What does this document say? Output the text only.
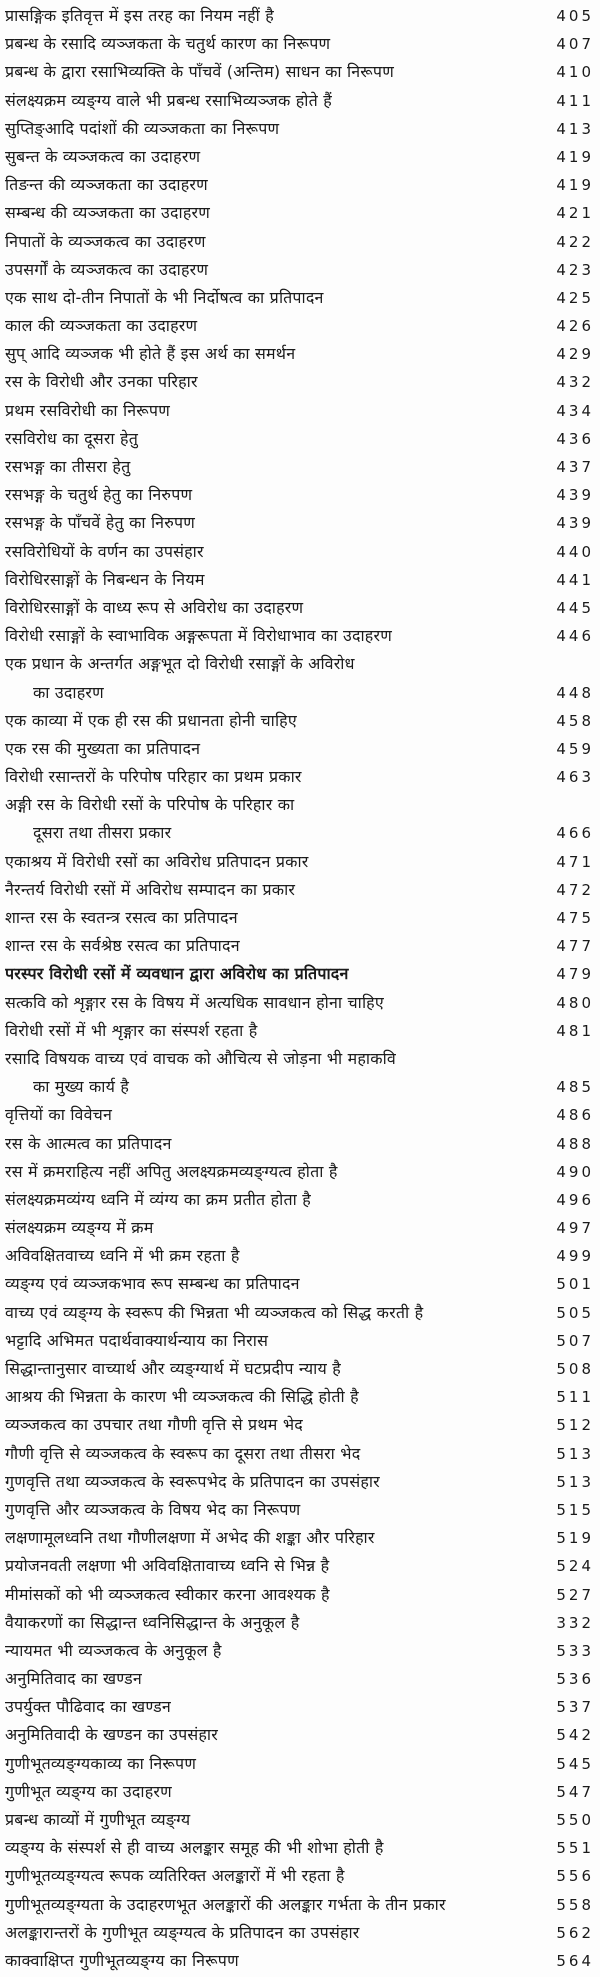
प्रासङ्गिक इतिवृत्त में इस तरह का नियम नहीं है	405
प्रबन्ध के रसादि व्यञ्जकता के चतुर्थ कारण का निरूपण	407
प्रबन्ध के द्वारा रसाभिव्यक्ति के पाँचवें (अन्तिम) साधन का निरूपण	410
संलक्ष्यक्रम व्यङ्ग्य वाले भी प्रबन्ध रसाभिव्यञ्जक होते हैं	411
सुप्तिङ्आदि पदांशों की व्यञ्जकता का निरूपण	413
सुबन्त के व्यञ्जकत्व का उदाहरण	419
तिङन्त की व्यञ्जकता का उदाहरण	419
सम्बन्ध की व्यञ्जकता का उदाहरण	421
निपातों के व्यञ्जकत्व का उदाहरण	422
उपसर्गों के व्यञ्जकत्व का उदाहरण	423
एक साथ दो-तीन निपातों के भी निर्दोषत्व का प्रतिपादन	425
काल की व्यञ्जकता का उदाहरण	426
सुप् आदि व्यञ्जक भी होते हैं इस अर्थ का समर्थन	429
रस के विरोधी और उनका परिहार	432
प्रथम रसविरोधी का निरूपण	434
रसविरोध का दूसरा हेतु	436
रसभङ्ग का तीसरा हेतु	437
रसभङ्ग के चतुर्थ हेतु का निरुपण	439
रसभङ्ग के पाँचवें हेतु का निरुपण	439
रसविरोधियों के वर्णन का उपसंहार	440
विरोधिरसाङ्गों के निबन्धन के नियम	441
विरोधिरसाङ्गों के वाध्य रूप से अविरोध का उदाहरण	445
विरोधी रसाङ्गों के स्वाभाविक अङ्गरूपता में विरोधाभाव का उदाहरण	446
एक प्रधान के अन्तर्गत अङ्गभूत दो विरोधी रसाङ्गों के अविरोध
का उदाहरण	448
एक काव्या में एक ही रस की प्रधानता होनी चाहिए	458
एक रस की मुख्यता का प्रतिपादन	459
विरोधी रसान्तरों के परिपोष परिहार का प्रथम प्रकार	463
अङ्गी रस के विरोधी रसों के परिपोष के परिहार का
दूसरा तथा तीसरा प्रकार	466
एकाश्रय में विरोधी रसों का अविरोध प्रतिपादन प्रकार	471
नैरन्तर्य विरोधी रसों में अविरोध सम्पादन का प्रकार	472
शान्त रस के स्वतन्त्र रसत्व का प्रतिपादन	475
शान्त रस के सर्वश्रेष्ठ रसत्व का प्रतिपादन	477
परस्पर विरोधी रसों में व्यवधान द्वारा अविरोध का प्रतिपादन	479
सत्कवि को शृङ्गार रस के विषय में अत्यधिक सावधान होना चाहिए	480
विरोधी रसों में भी शृङ्गार का संस्पर्श रहता है	481
रसादि विषयक वाच्य एवं वाचक को औचित्य से जोड़ना भी महाकवि
का मुख्य कार्य है	485
वृत्तियों का विवेचन	486
रस के आत्मत्व का प्रतिपादन	488
रस में क्रमराहित्य नहीं अपितु अलक्ष्यक्रमव्यङ्ग्यत्व होता है	490
संलक्ष्यक्रमव्यंग्य ध्वनि में व्यंग्य का क्रम प्रतीत होता है	496
संलक्ष्यक्रम व्यङ्ग्य में क्रम	497
अविवक्षितवाच्य ध्वनि में भी क्रम रहता है	499
व्यङ्ग्य एवं व्यञ्जकभाव रूप सम्बन्ध का प्रतिपादन	501
वाच्य एवं व्यङ्ग्य के स्वरूप की भिन्नता भी व्यञ्जकत्व को सिद्ध करती है	505
भट्टादि अभिमत पदार्थवाक्यार्थन्याय का निरास	507
सिद्धान्तानुसार वाच्यार्थ और व्यङ्ग्यार्थ में घटप्रदीप न्याय है	508
आश्रय की भिन्नता के कारण भी व्यञ्जकत्व की सिद्धि होती है	511
व्यञ्जकत्व का उपचार तथा गौणी वृत्ति से प्रथम भेद	512
गौणी वृत्ति से व्यञ्जकत्व के स्वरूप का दूसरा तथा तीसरा भेद	513
गुणवृत्ति तथा व्यञ्जकत्व के स्वरूपभेद के प्रतिपादन का उपसंहार	513
गुणवृत्ति और व्यञ्जकत्व के विषय भेद का निरूपण	515
लक्षणामूलध्वनि तथा गौणीलक्षणा में अभेद की शङ्का और परिहार	519
प्रयोजनवती लक्षणा भी अविवक्षितावाच्य ध्वनि से भिन्न है	524
मीमांसकों को भी व्यञ्जकत्व स्वीकार करना आवश्यक है	527
वैयाकरणों का सिद्धान्त ध्वनिसिद्धान्त के अनुकूल है	332
न्यायमत भी व्यञ्जकत्व के अनुकूल है	533
अनुमितिवाद का खण्डन	536
उपर्युक्त पौढिवाद का खण्डन	537
अनुमितिवादी के खण्डन का उपसंहार	542
गुणीभूतव्यङ्ग्यकाव्य का निरूपण	545
गुणीभूत व्यङ्ग्य का उदाहरण	547
प्रबन्ध काव्यों में गुणीभूत व्यङ्ग्य	550
व्यङ्ग्य के संस्पर्श से ही वाच्य अलङ्कार समूह की भी शोभा होती है	551
गुणीभूतव्यङ्ग्यत्व रूपक व्यतिरिक्त अलङ्कारों में भी रहता है	556
गुणीभूतव्यङ्ग्यता के उदाहरणभूत अलङ्कारों की अलङ्कार गर्भता के तीन प्रकार	558
अलङ्कारान्तरों के गुणीभूत व्यङ्ग्यत्व के प्रतिपादन का उपसंहार	562
काक्वाक्षिप्त गुणीभूतव्यङ्ग्य का निरूपण	564
